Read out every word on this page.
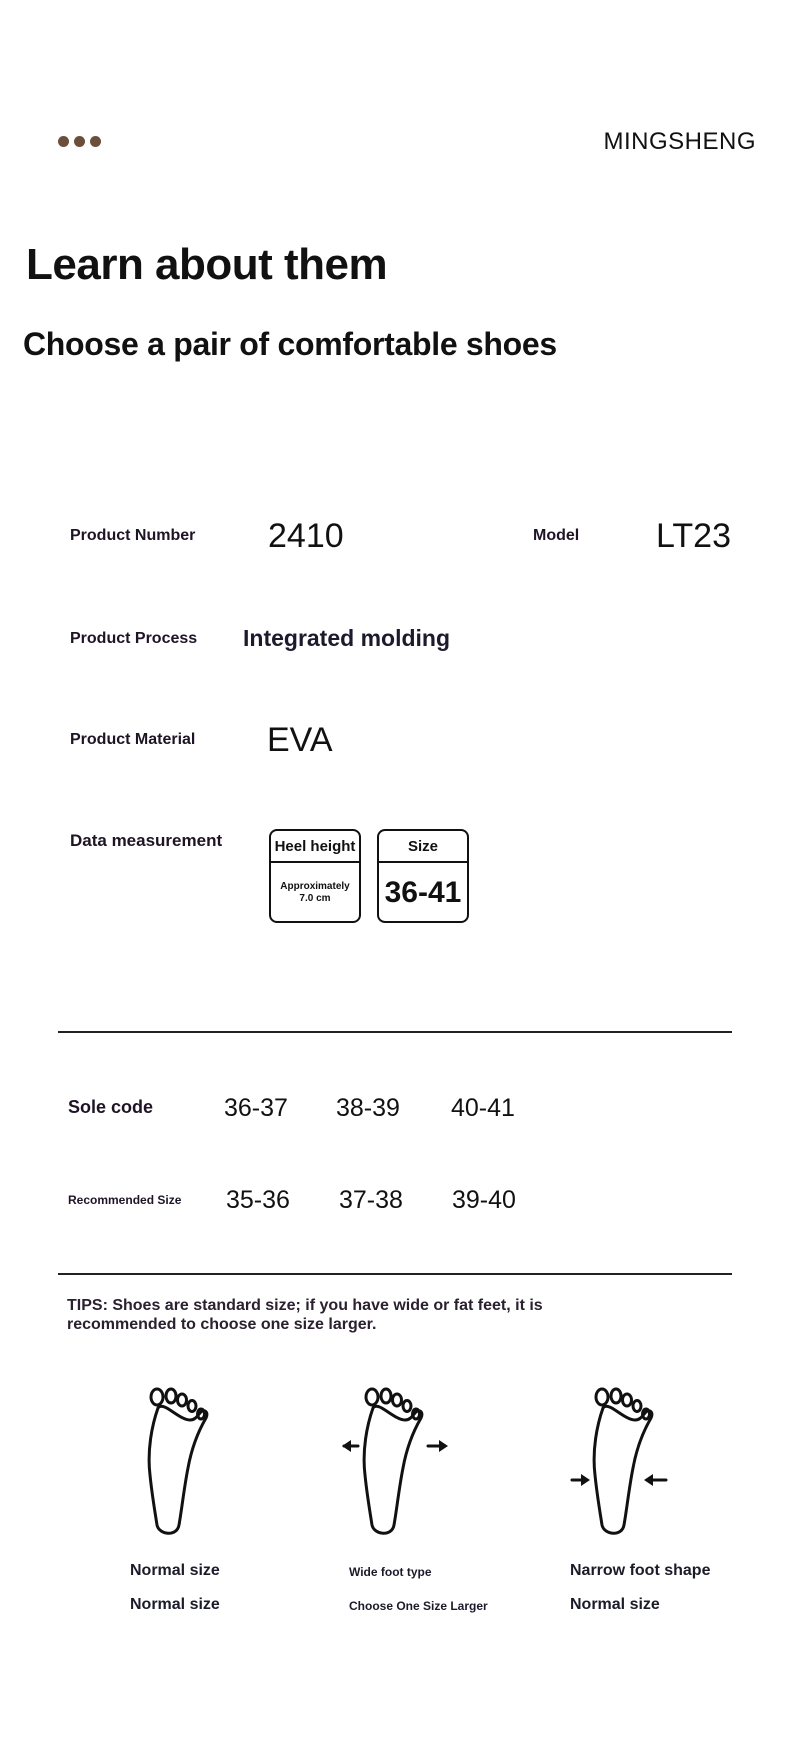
MINGSHENG
Learn about them
Choose a pair of comfortable shoes
Product Number 2410	Model LT23
Product Process Integrated molding
Product Material EVA
Data measurement	Heel height
Approximately 7.0 cm
Size
36-41
Sole code	36-37 38-39 40-41
Recommended Size 35-36 37-38 39-40
TIPS: Shoes are standard size; if you have wide or fat feet, it is recommended to choose one size larger.
Normal size
Normal size
Wide foot type
Choose One Size Larger
Narrow foot shape
Normal size
